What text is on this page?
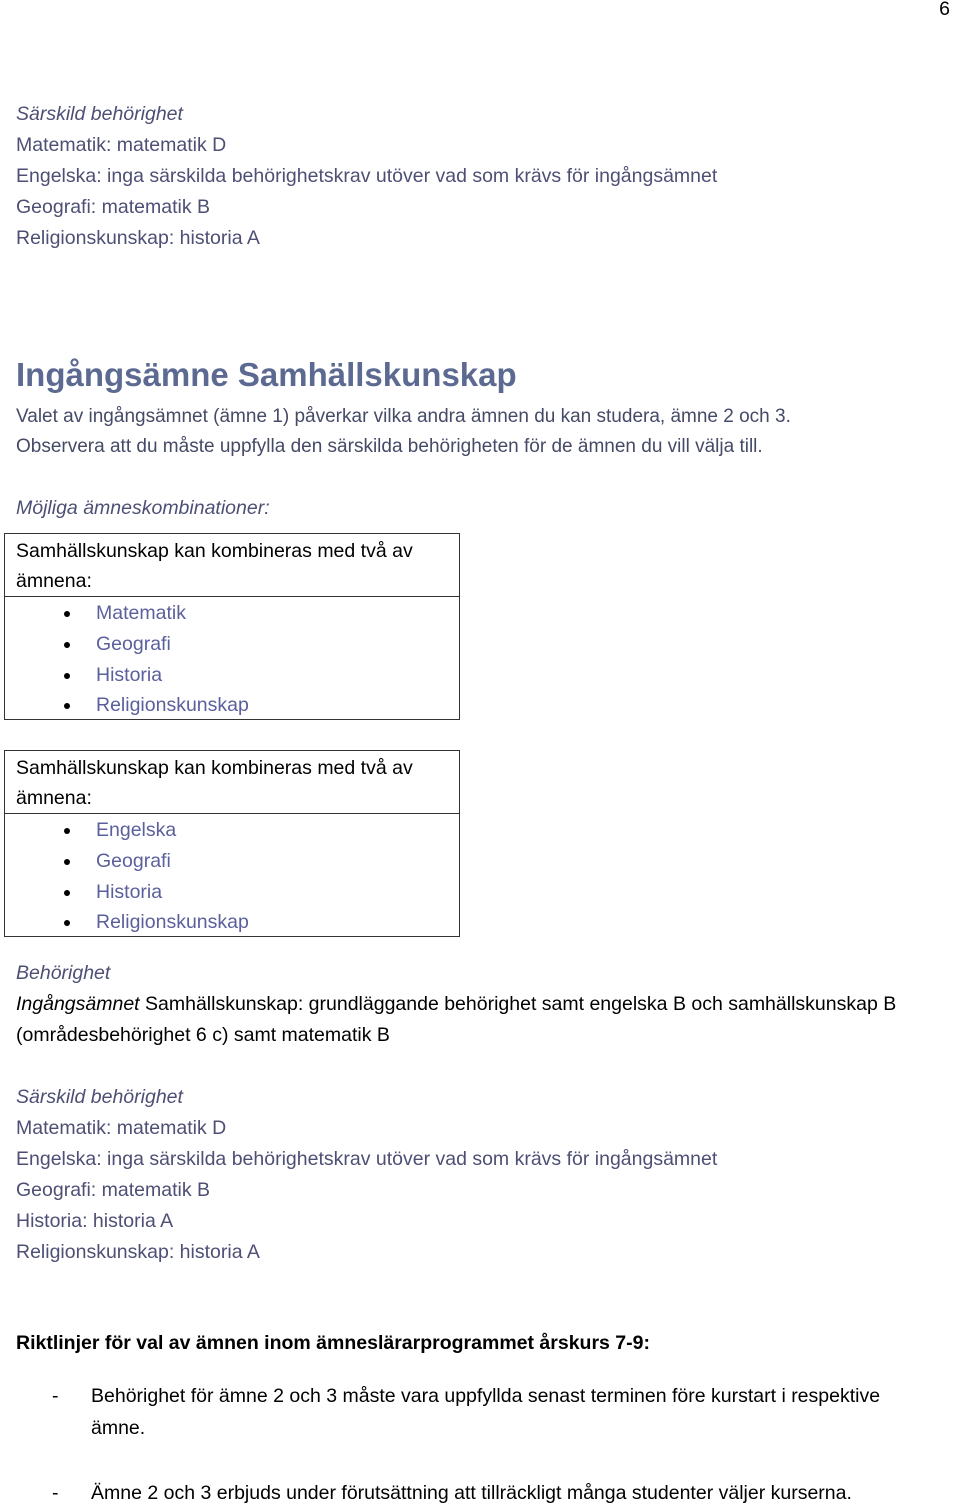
6
Särskild behörighet
Matematik: matematik D
Engelska: inga särskilda behörighetskrav utöver vad som krävs för ingångsämnet
Geografi: matematik B
Religionskunskap: historia A
Ingångsämne Samhällskunskap
Valet av ingångsämnet (ämne 1) påverkar vilka andra ämnen du kan studera, ämne 2 och 3.
Observera att du måste uppfylla den särskilda behörigheten för de ämnen du vill välja till.
Möjliga ämneskombinationer:
Samhällskunskap kan kombineras med två av
ämnena:
Matematik
Geografi
Historia
Religionskunskap
Samhällskunskap kan kombineras med två av
ämnena:
Engelska
Geografi
Historia
Religionskunskap
Behörighet
Ingångsämnet Samhällskunskap: grundläggande behörighet samt engelska B och samhällskunskap B
(områdesbehörighet 6 c) samt matematik B
Särskild behörighet
Matematik: matematik D
Engelska: inga särskilda behörighetskrav utöver vad som krävs för ingångsämnet
Geografi: matematik B
Historia: historia A
Religionskunskap: historia A
Riktlinjer för val av ämnen inom ämneslärarprogrammet årskurs 7-9:
- Behörighet för ämne 2 och 3 måste vara uppfyllda senast terminen före kurstart i respektive
ämne.
- Ämne 2 och 3 erbjuds under förutsättning att tillräckligt många studenter väljer kurserna.
